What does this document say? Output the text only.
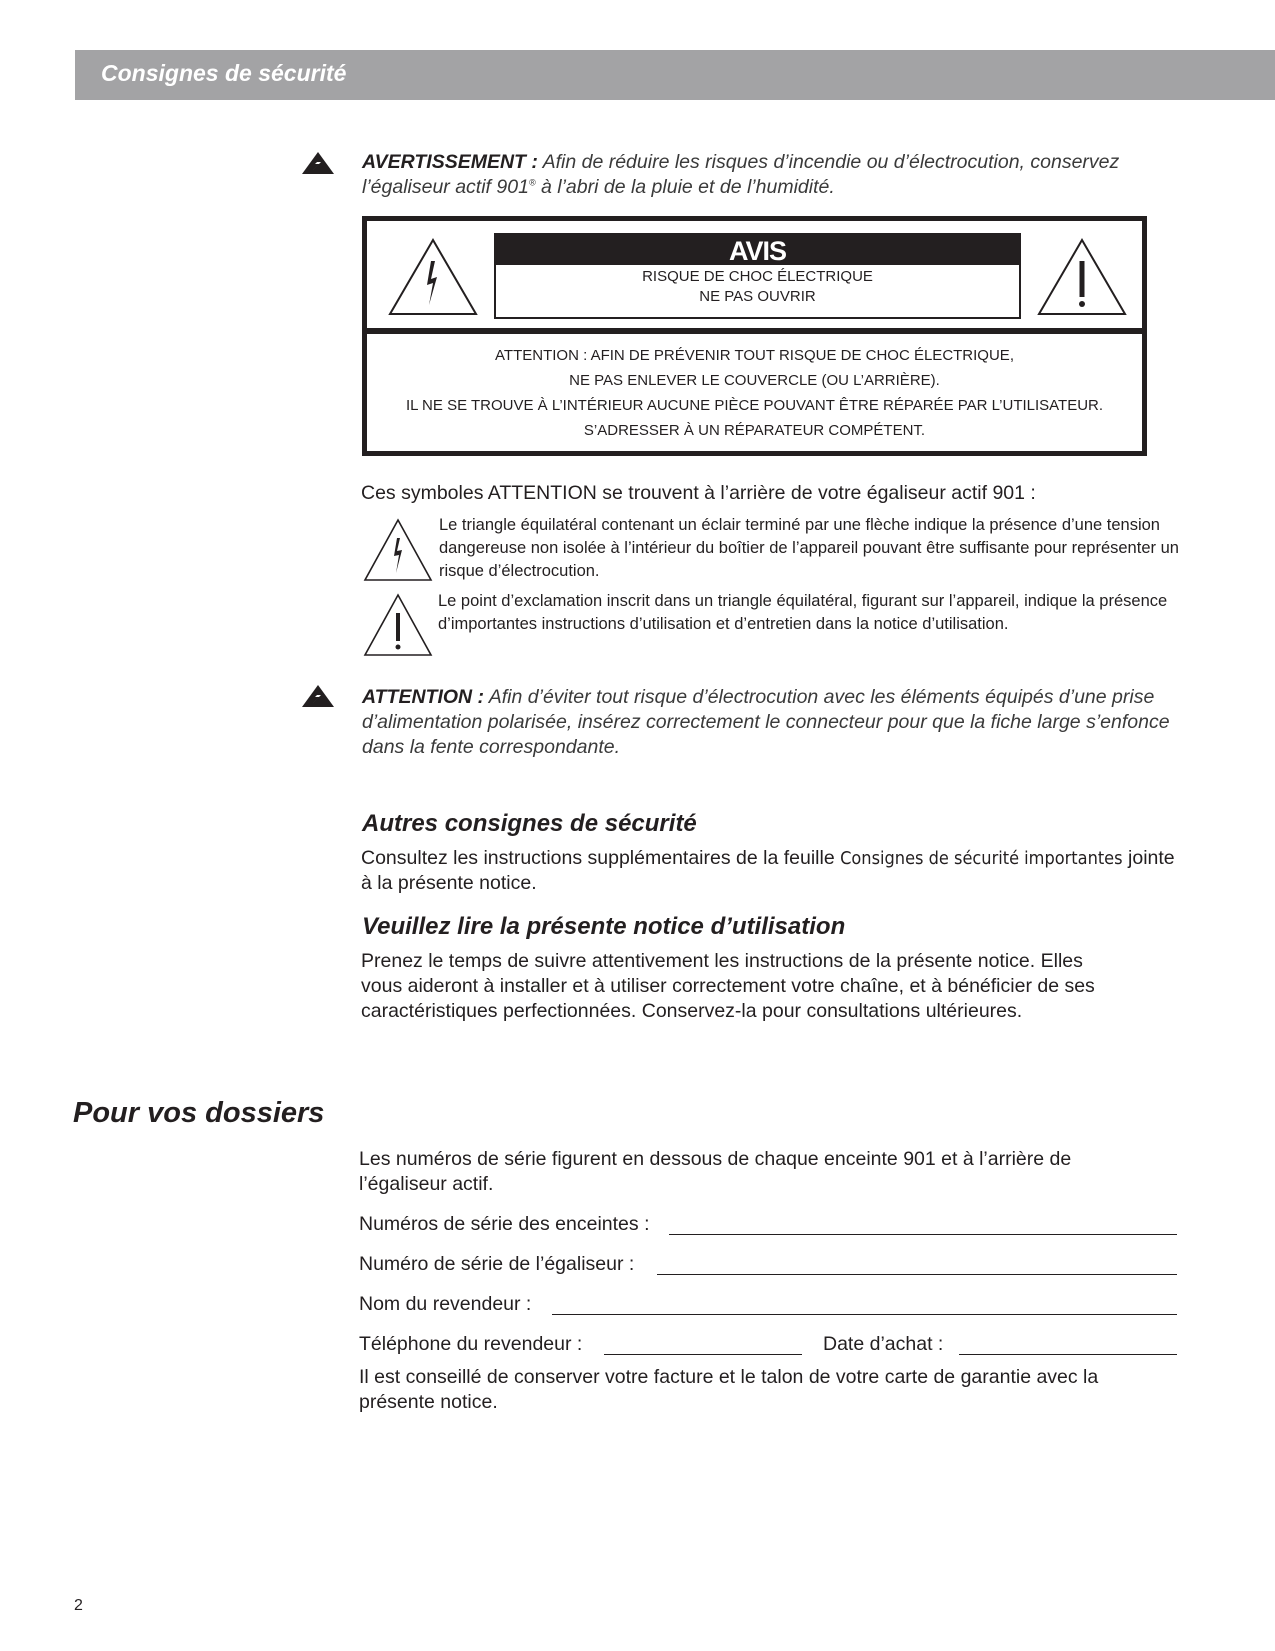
Consignes de sécurité

AVERTISSEMENT : Afin de réduire les risques d’incendie ou d’électrocution, conservez l’égaliseur actif 901® à l’abri de la pluie et de l’humidité.

AVIS

RISQUE DE CHOC ÉLECTRIQUE

NE PAS OUVRIR

ATTENTION : AFIN DE PRÉVENIR TOUT RISQUE DE CHOC ÉLECTRIQUE,

NE PAS ENLEVER LE COUVERCLE (OU L’ARRIÈRE).

IL NE SE TROUVE À L’INTÉRIEUR AUCUNE PIÈCE POUVANT ÊTRE RÉPARÉE PAR L’UTILISATEUR.

S’ADRESSER À UN RÉPARATEUR COMPÉTENT.

Ces symboles ATTENTION se trouvent à l’arrière de votre égaliseur actif 901 :

Le triangle équilatéral contenant un éclair terminé par une flèche indique la présence d’une tension dangereuse non isolée à l’intérieur du boîtier de l’appareil pouvant être suffisante pour représenter un risque d’électrocution.

Le point d’exclamation inscrit dans un triangle équilatéral, figurant sur l’appareil, indique la présence d’importantes instructions d’utilisation et d’entretien dans la notice d’utilisation.

ATTENTION : Afin d’éviter tout risque d’électrocution avec les éléments équipés d’une prise d’alimentation polarisée, insérez correctement le connecteur pour que la fiche large s’enfonce dans la fente correspondante.

Autres consignes de sécurité

Consultez les instructions supplémentaires de la feuille Consignes de sécurité importantes jointe à la présente notice.

Veuillez lire la présente notice d’utilisation

Prenez le temps de suivre attentivement les instructions de la présente notice. Elles vous aideront à installer et à utiliser correctement votre chaîne, et à bénéficier de ses caractéristiques perfectionnées. Conservez-la pour consultations ultérieures.

Pour vos dossiers

Les numéros de série figurent en dessous de chaque enceinte 901 et à l’arrière de l’égaliseur actif.

Numéros de série des enceintes :
Numéro de série de l’égaliseur :
Nom du revendeur :
Téléphone du revendeur :	Date d’achat :

Il est conseillé de conserver votre facture et le talon de votre carte de garantie avec la présente notice.

2
